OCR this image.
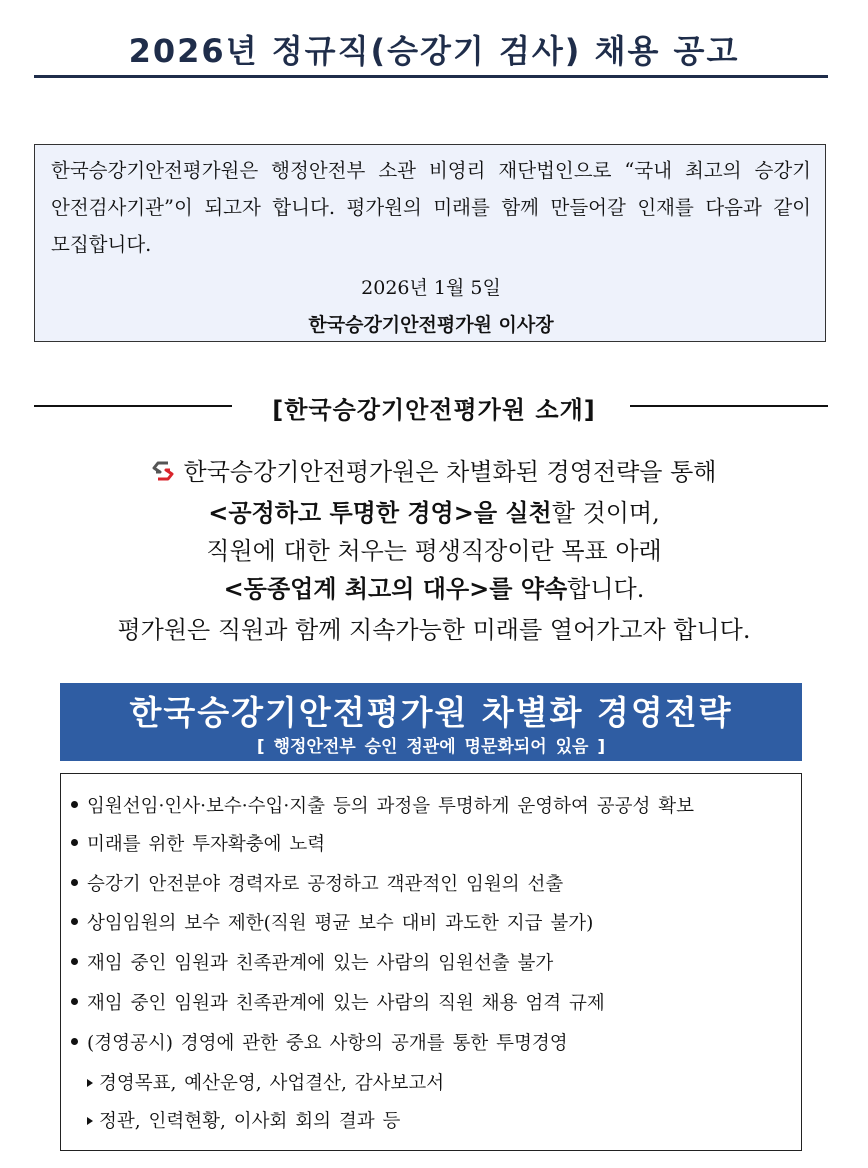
2026년 정규직(승강기 검사) 채용 공고
한국승강기안전평가원은 행정안전부 소관 비영리 재단법인으로 “국내 최고의 승강기 안전검사기관”이 되고자 합니다. 평가원의 미래를 함께 만들어갈 인재를 다음과 같이 모집합니다.
2026년 1월 5일
한국승강기안전평가원 이사장
[한국승강기안전평가원 소개]
한국승강기안전평가원은 차별화된 경영전략을 통해
<공정하고 투명한 경영>을 실천할 것이며,
직원에 대한 처우는 평생직장이란 목표 아래
<동종업계 최고의 대우>를 약속합니다.
평가원은 직원과 함께 지속가능한 미래를 열어가고자 합니다.
한국승강기안전평가원 차별화 경영전략
[ 행정안전부 승인 정관에 명문화되어 있음 ]
임원선임·인사·보수·수입·지출 등의 과정을 투명하게 운영하여 공공성 확보
미래를 위한 투자확충에 노력
승강기 안전분야 경력자로 공정하고 객관적인 임원의 선출
상임임원의 보수 제한(직원 평균 보수 대비 과도한 지급 불가)
재임 중인 임원과 친족관계에 있는 사람의 임원선출 불가
재임 중인 임원과 친족관계에 있는 사람의 직원 채용 엄격 규제
(경영공시) 경영에 관한 중요 사항의 공개를 통한 투명경영
경영목표, 예산운영, 사업결산, 감사보고서
정관, 인력현황, 이사회 회의 결과 등
